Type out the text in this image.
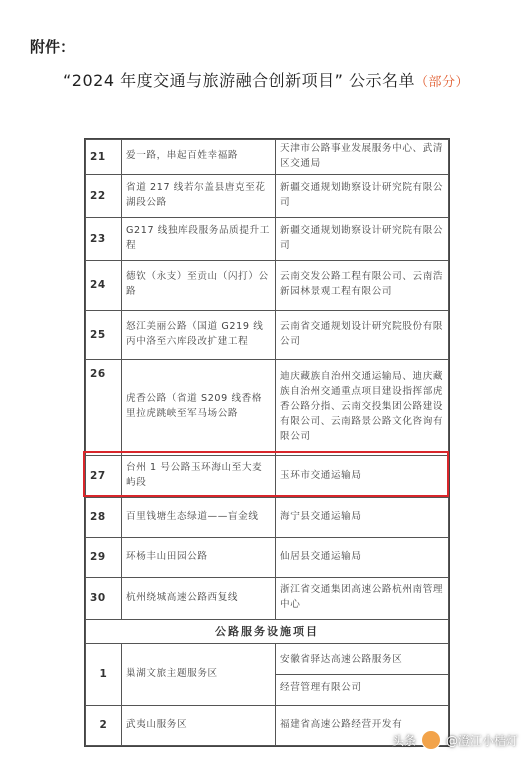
附件：
“2024 年度交通与旅游融合创新项目” 公示名单（部分）
21	爱一路，串起百姓幸福路	天津市公路事业发展服务中心、武清区交通局
22	省道 217 线若尔盖县唐克至花湖段公路	新疆交通规划勘察设计研究院有限公司
23	G217 线独库段服务品质提升工程	新疆交通规划勘察设计研究院有限公司
24	德钦（永支）至贡山（闪打）公路	云南交发公路工程有限公司、云南浩新园林景观工程有限公司
25	怒江美丽公路（国道 G219 线丙中洛至六库段改扩建工程	云南省交通规划设计研究院股份有限公司
26	虎香公路（省道 S209 线香格里拉虎跳峡至军马场公路	迪庆藏族自治州交通运输局、迪庆藏族自治州交通重点项目建设指挥部虎香公路分指、云南交投集团公路建设有限公司、云南路景公路文化咨询有限公司
27	台州 1 号公路玉环海山至大麦屿段	玉环市交通运输局
28	百里钱塘生态绿道——盲金线	海宁县交通运输局
29	环杨丰山田园公路	仙居县交通运输局
30	杭州绕城高速公路西复线	浙江省交通集团高速公路杭州南管理中心
公路服务设施项目		
1	巢湖文旅主题服务区	安徽省驿达高速公路服务区
经营管理有限公司

2	武夷山服务区	福建省高速公路经营开发有
头条	@澄江小桔灯
